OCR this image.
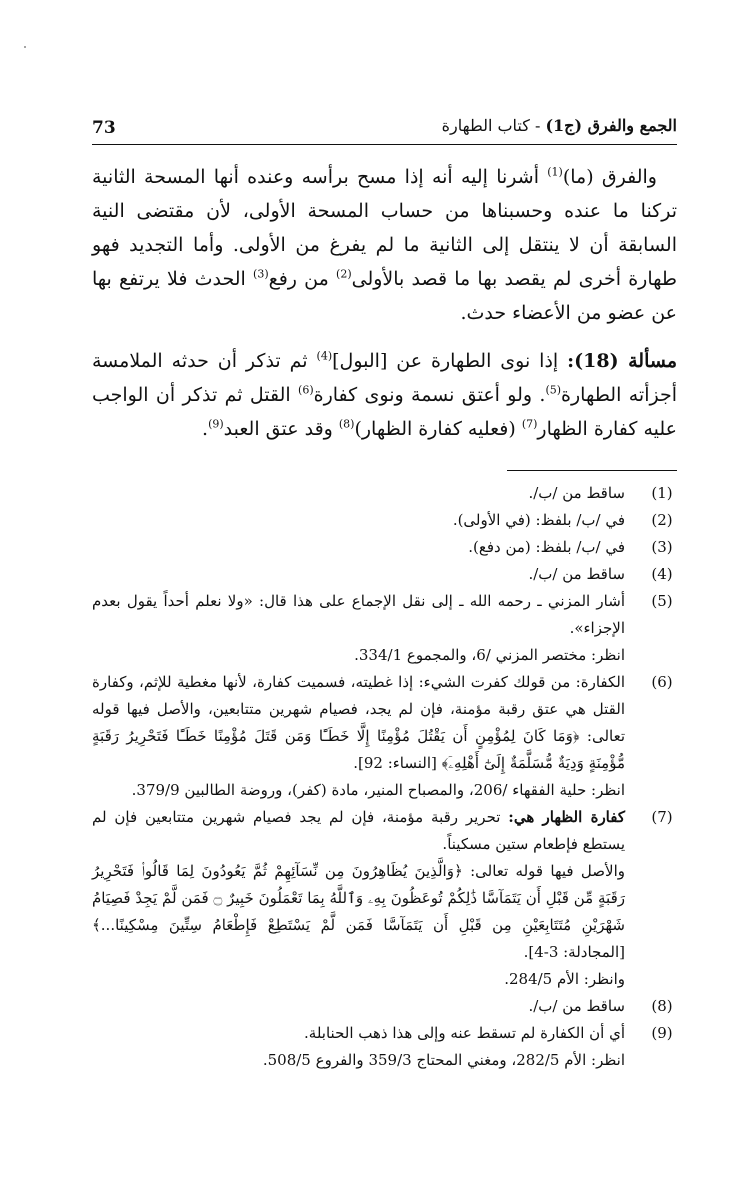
73	الجمع والفرق (ج1) - كتاب الطهارة

والفرق (ما)$^{(1)}$ أشرنا إليه أنه إذا مسح برأسه وعنده أنها المسحة الثانية تركنا ما عنده وحسبناها من حساب المسحة الأولى، لأن مقتضى النية السابقة أن لا ينتقل إلى الثانية ما لم يفرغ من الأولى. وأما التجديد فهو طهارة أخرى لم يقصد بها ما قصد بالأولى$^{(2)}$ من رفع$^{(3)}$ الحدث فلا يرتفع بها عن عضو من الأعضاء حدث.

مسألة (18): إذا نوى الطهارة عن [البول]$^{(4)}$ ثم تذكر أن حدثه الملامسة أجزأته الطهارة$^{(5)}$. ولو أعتق نسمة ونوى كفارة$^{(6)}$ القتل ثم تذكر أن الواجب عليه كفارة الظهار$^{(7)}$ (فعليه كفارة الظهار)$^{(8)}$ وقد عتق العبد$^{(9)}$.

(1)
ساقط من /ب/.
(2)
في /ب/ بلفظ: (في الأولى).
(3)
في /ب/ بلفظ: (من دفع).
(4)
ساقط من /ب/.
(5)
أشار المزني ـ رحمه الله ـ إلى نقل الإجماع على هذا قال: «ولا نعلم أحداً يقول بعدم الإجزاء».
انظر: مختصر المزني /6، والمجموع 334/1.
(6)
الكفارة: من قولك كفرت الشيء: إذا غطيته، فسميت كفارة، لأنها مغطية للإثم، وكفارة القتل هي عتق رقبة مؤمنة، فإن لم يجد، فصيام شهرين متتابعين، والأصل فيها قوله تعالى: ﴿وَمَا كَانَ لِمُؤْمِنٍ أَن يَقْتُلَ مُؤْمِنًا إِلَّا خَطَـًٔا وَمَن قَتَلَ مُؤْمِنًا خَطَـًٔا فَتَحْرِيرُ رَقَبَةٍ مُّؤْمِنَةٍ وَدِيَةٌ مُّسَلَّمَةٌ إِلَىٰٓ أَهْلِهِۦٓ﴾ [النساء: 92].
انظر: حلية الفقهاء /206، والمصباح المنير، مادة (كفر)، وروضة الطالبين 379/9.
(7)
كفارة الظهار هي: تحرير رقبة مؤمنة، فإن لم يجد فصيام شهرين متتابعين فإن لم يستطع فإطعام ستين مسكيناً.
والأصل فيها قوله تعالى: ﴿وَالَّذِينَ يُظَاهِرُونَ مِن نِّسَآئِهِمْ ثُمَّ يَعُودُونَ لِمَا قَالُوا۟ فَتَحْرِيرُ رَقَبَةٍ مِّن قَبْلِ أَن يَتَمَآسَّا ذَٰلِكُمْ تُوعَظُونَ بِهِۦ وَٱللَّهُ بِمَا تَعْمَلُونَ خَبِيرٌ ۝ فَمَن لَّمْ يَجِدْ فَصِيَامُ شَهْرَيْنِ مُتَتَابِعَيْنِ مِن قَبْلِ أَن يَتَمَآسَّا فَمَن لَّمْ يَسْتَطِعْ فَإِطْعَامُ سِتِّينَ مِسْكِينًا...﴾ [المجادلة: 3-4].
وانظر: الأم 284/5.
(8)
ساقط من /ب/.
(9)
أي أن الكفارة لم تسقط عنه وإلى هذا ذهب الحنابلة.
انظر: الأم 282/5، ومغني المحتاج 359/3 والفروع 508/5.
